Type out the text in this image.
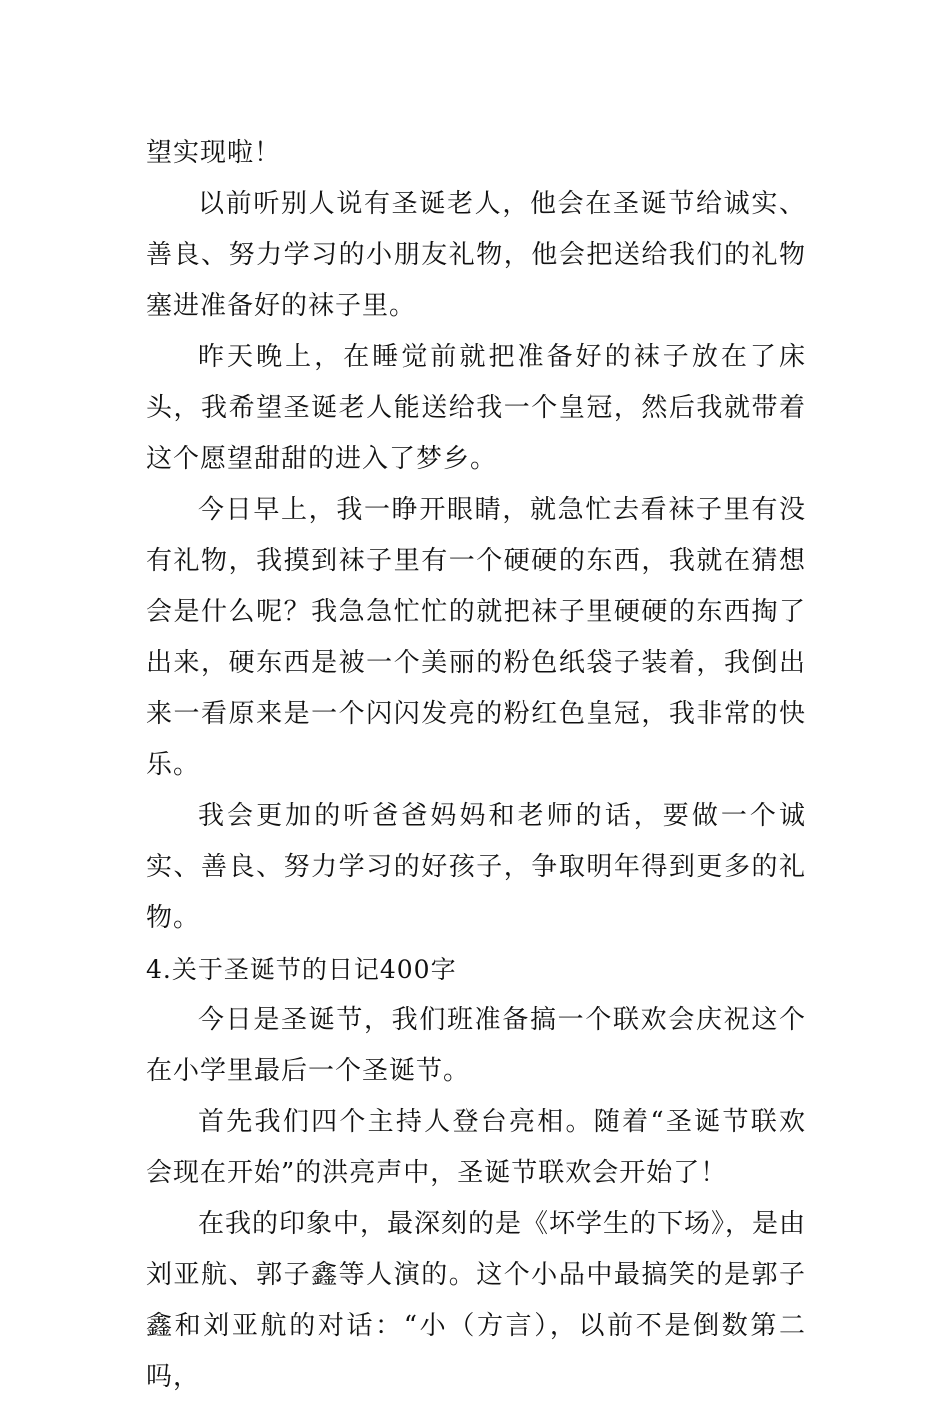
望实现啦！

以前听别人说有圣诞老人，他会在圣诞节给诚实、善良、努力学习的小朋友礼物，他会把送给我们的礼物塞进准备好的袜子里。

昨天晚上，在睡觉前就把准备好的袜子放在了床头，我希望圣诞老人能送给我一个皇冠，然后我就带着这个愿望甜甜的进入了梦乡。

今日早上，我一睁开眼睛，就急忙去看袜子里有没有礼物，我摸到袜子里有一个硬硬的东西，我就在猜想会是什么呢？我急急忙忙的就把袜子里硬硬的东西掏了出来，硬东西是被一个美丽的粉色纸袋子装着，我倒出来一看原来是一个闪闪发亮的粉红色皇冠，我非常的快乐。

我会更加的听爸爸妈妈和老师的话，要做一个诚实、善良、努力学习的好孩子，争取明年得到更多的礼物。

4.关于圣诞节的日记400字

今日是圣诞节，我们班准备搞一个联欢会庆祝这个在小学里最后一个圣诞节。

首先我们四个主持人登台亮相。随着“圣诞节联欢会现在开始”的洪亮声中，圣诞节联欢会开始了！

在我的印象中，最深刻的是《坏学生的下场》，是由刘亚航、郭子鑫等人演的。这个小品中最搞笑的是郭子鑫和刘亚航的对话：“小（方言），以前不是倒数第二吗，
